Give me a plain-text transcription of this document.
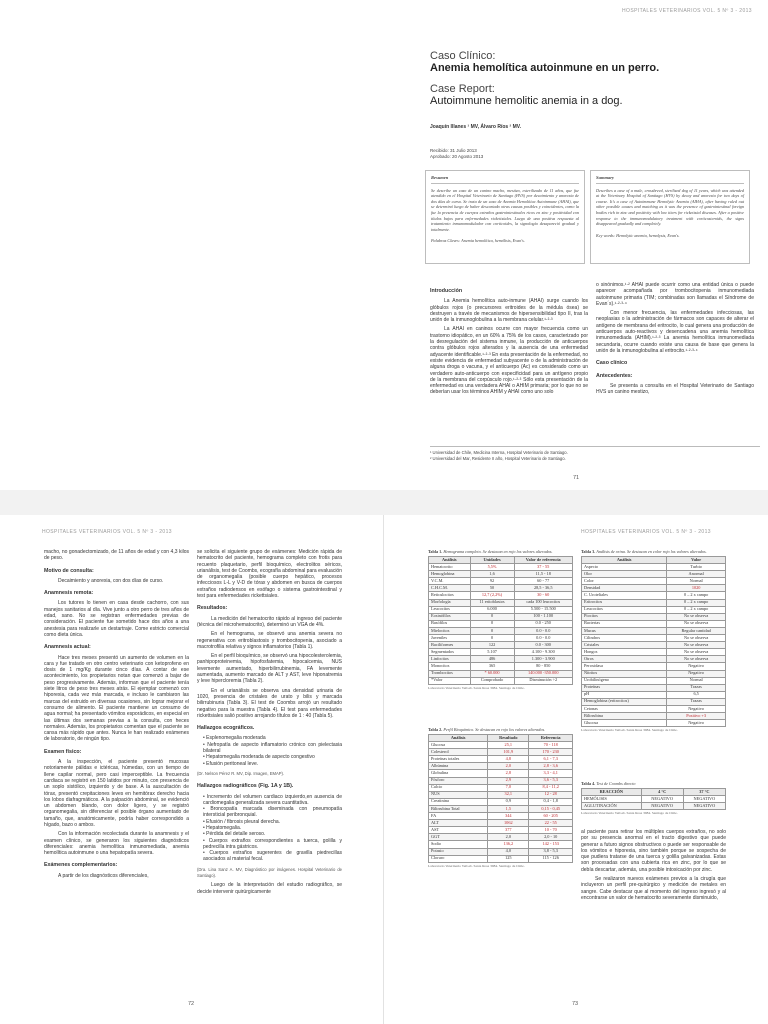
HOSPITALES VETERINARIOS VOL. 5 Nº 3 - 2013
Caso Clínico:
Anemia hemolítica autoinmune en un perro.
Case Report:
Autoimmune hemolitic anemia in a dog.
Joaquín Illanes ¹ MV, Álvaro Ríos ² MV.
Recibido: 31 Julio 2013
Aprobado: 20 Agosto 2013
Resumen
Se describe un caso de un canino macho, mestizo, esterilizado de 11 años, que fue atendido en el Hospital Veterinario de Santiago (HVS) por decaimiento y anorexia de dos días de curso. Se trata de un caso de Anemia Hemolítica Autoinmune (AHAI), que se determinó luego de haber descartado otras causas posibles y coincidentes, como la fue la presencia de cuerpos extraños gastrointestinales ricos en zinc y positividad con títulos bajos para enfermedades rickettsiales. Luego de una positiva respuesta al tratamiento inmunomodulador con corticoides, la signología desapareció gradual y totalmente.
Palabras Claves: Anemia hemolítica, hemólisis, Evan's.
Summary
Describes a case of a male, crossbreed, sterilized dog of 11 years, which was attended at the Veterinary Hospital of Santiago (HVS) by decay and anorexia for two days of course. It's a case of Autoimmune Hemolytic Anemia (AIHA), after having ruled out other possible causes and matching as it was the presence of gastrointestinal foreign bodies rich in zinc and positivity with low titers for rickettsial diseases. After a positive response to the immunomodulatory treatment with corticosteroids, the signs disappeared gradually and completely.
Key words: Hemolytic anemia, hemolysis, Evan's.
Introducción

La Anemia hemolítica auto-inmune (AHAI) surge cuando los glóbulos rojos (o precursores eritroides de la médula ósea) se destruyen a través de mecanismos de hipersensibilidad tipo II, tras la unión de la inmunoglobulina a la membrana celular.¹·²·³

La AHAI en caninos ocurre con mayor frecuencia como un trastorno idiopático, en un 60% a 75% de los casos, caracterizado por la desregulación del sistema inmune, la producción de anticuerpos contra glóbulos rojos alterados y la ausencia de una enfermedad adyacente identificable.¹·²·³ En esta presentación de la enfermedad, no existe evidencia de enfermedad subyacente o de la administración de alguna droga o vacuna, y el anticuerpo (Ac) es considerado como un verdadero auto-anticuerpo con especificidad para un antígeno propio de la membrana del corpúsculo rojo.¹·²·³ Sólo esta presentación de la enfermedad es una verdadera AHAI o AHIM primaria; por lo que no se deberían usar los términos AHIM y AHAI como uno solo

o sinónimos.¹·² AHAI puede ocurrir como una entidad única o puede aparecer acompañada por trombocitopenia inmunomediada autoinmune primaria (TIM; combinadas son llamadas el Síndrome de Evan´s).¹·²·³·⁴

Con menor frecuencia, las enfermedades infecciosas, las neoplasias o la administración de fármacos son capaces de alterar el antígeno de membrana del eritrocito, lo cual genera una producción de anticuerpos auto-reactivos y desencadena una anemia hemolítica inmunomediada (AHIM).¹·²·³ La anemia hemolítica inmunomediada secundaria, ocurre cuando existe una causa de base que genera la unión de la inmunoglobulina al eritrocito.¹·²·³·⁴

Caso clínico
Antecedentes:

Se presenta a consulta en el Hospital Veterinario de Santiago HVS un canino mestizo,

¹ Universidad de Chile, Medicina Interna, Hospital Veterinario de Santiago.
² Universidad del Mar, Residente II año, Hospital Veterinario de Santiago.
71
HOSPITALES VETERINARIOS VOL. 5 Nº 3 - 2013

macho, no gonadectomizado, de 11 años de edad y con 4,3 kilos de peso.

Motivo de consulta:

Decaimiento y anorexia, con dos días de curso.

Anamnesis remota:

Los tutores lo tienen en casa desde cachorro, con sus manejos sanitarios al día. Vive junto a otro perro de tres años de edad, sano. No se registran enfermedades previas de consideración. El paciente fue sometido hace dos años a una anestesia para realizarle un destartraje. Come estricto comercial como dieta única.

Anamnesis actual:

Hace tres meses presentó un aumento de volumen en la cara y fue tratado en otro centro veterinario con ketoprofeno en dosis de 1 mg/Kg durante cinco días. A contar de ese acontecimiento, los propietarios notan que comenzó a bajar de peso progresivamente. Además, informan que el paciente tenía siete litros de peso tres meses atrás. El ejemplar comenzó con hiporexia, cada vez más marcada, e incluso le cambiaron las marcas del estruido en diversas ocasiones, sin lograr mejorar el consumo de alimento. El paciente mantiene un consumo de agua normal; ha presentado vómitos esporádicos, en especial en las últimas dos semanas previas a la consulta, con heces normales. Además, los propietarios comentan que el paciente se cansa más rápido que antes. Nunca le han realizado exámenes de laboratorio, de ningún tipo.

Examen físico:

A la inspección, el paciente presentó mucosas notoriamente pálidas e ictéricas, húmedas, con un tiempo de llene capilar normal, pero casi imperceptible. La frecuencia cardiaca se registró en 150 latidos por minuto, con presencia de un soplo sistólico, izquierdo y de base. A la auscultación de tórax, presentó crepitaciones leves en hemitórax derecho hacia los lobos diafragmáticos. A la palpación abdominal, se evidenció un abdomen blando, con dolor ligero, y se registró organomegalia, sin diferenciar el posible órgano aumentado de tamaño, que, anatómicamente, podría haber correspondido a hígado, bazo o ambos.

Con la información recolectada durante la anamnesis y el examen clínico, se generaron los siguientes diagnósticos diferenciales: anemia hemolítica inmunomediada, anemia hemolítica autoinmune o una hepatopatía severa.

Exámenes complementarios:

A partir de los diagnósticos diferenciales,

se solicita el siguiente grupo de exámenes: Medición rápida de hematocrito del paciente, hemograma completo con frotis para recuento plaquetario, perfil bioquímico, electrolitos séricos, urianálisis, test de Coombs, ecografía abdominal para evaluación de organomegalia (posible cuerpo hepático, procesos infecciosos L-L y V-D de tórax y abdomen en busca de cuerpos extraños radiodensos en esófago o sistema gastrointestinal y test para enfermedades rickettsiales.

Resultados:

La medición del hematocrito rápido al ingreso del paciente (técnica del microhematocrito), determinó un VGA de 4%.

En el hemograma, se observó una anemia severa no regenerativa con eritroblastosis y trombocitopenia, asociado a macrotrofilia relativa y signos inflamatorios (Tabla 1).

En el perfil bioquímico, se observó una hipocolesterolemia, panhipoproteinemia, hipofosfatemia, hipocalcemia, NUS levemente aumentado, hiperbilirrubinemia, FA levemente aumentada, aumento marcado de ALT y AST, leve hiponatremia y leve hipercloremia (Tabla 2).

En el urianálisis se observa una densidad urinaria de 1020, presencia de cristales de urato y bilis y marcada bilirrubinuria (Tabla 3). El test de Coombs arrojó un resultado negativo para la muestra (Tabla 4). El test para enfermedades rickettsiales salió positivo arrojando títulos de 1 : 40 (Tabla 5).

Hallazgos ecográficos.
• Esplenomegalia moderada
• Nefropatía de aspecto inflamatorio crónico con pielectasia bilateral
• Hepatomegalia moderada de aspecto congestivo
• Efusión peritoneal leve.

(Dr. Nelson Pérez R. MV, Dip. Imagen, EMAP).

Hallazgos radiográficos (Fig. 1A y 1B).
• Incremento del volumen cardiaco izquierdo,en ausencia de cardiomegalia generalizada severa cuantitativa.
• Broncopatía marcada diseminada con pneumopatía intersticial peribronquial.
• Efusión / fibrosis pleural derecha.
• Hepatomegalia.
• Pérdida del detalle seroso.
• Cuerpos extraños correspondientes a tuerca, golilla y pedrecilla intra gástricos.
• Cuerpos extraños sugerentes de gravilla piedrecillas asociados al material fecal.

(Dra. Lina Sanz A. MV, Diagnóstico por imágenes. Hospital Veterinario de Santiago).

Luego de la interpretación del estudio radiográfico, se decide intervenir quirúrgicamente

72
HOSPITALES VETERINARIOS VOL. 5 Nº 3 - 2013
Tabla 1. Hemograma completo. Se destacan en rojo los valores alterados.
Análisis	Unidades	Valor de referencia
Hematocrito	5,5%	37 - 55
Hemoglobina	1,6	11,5 - 18
V.C.M.	92	60 - 77
C.H.C.M.	50	28,5 - 36,5
Reticulocitos	12,7 (2,2%)	30 - 60
Morfología	11 eritoblastos	cada 100 leucocitos
Leucocitos	6.000	5.500 - 15.500
Eosinófilos	0	100 - 1.100
Basófilos	0	0.0 - 250
Mielocitos	0	0.0 - 0.0
Juveniles	0	0.0 - 0.0
Baciliformes	122	0.0 - 300
Segmentados	5.107	4.100 - 9.300
Linfocitos	486	1.300 - 3.900
Monocitos	365	80 - 850
Trombocitos	* 60.000	140.000 -350.000
*Valor	Comprobado	Disminución ÷2
Laboratorio Veterinario VetLab. Santa Rosa 3984. Santiago de Chile.
Tabla 2. Perfil Bioquímico. Se destacan en rojo los valores alterados.
Análisis	Resultado	Referencia
Glucosa	25,1	70 - 118
Colesterol	101,9	170 - 230
Proteínas totales	4,8	6,1 - 7,3
Albúmina	2,0	2,8 - 3,6
Globulina	2,8	3,3 - 4,1
Fósforo	2,9	3,6 - 5,3
Calcio	7,0	8,4 - 11,2
NUS	32,1	12 - 28
Creatinina	0,9	0,4 - 1,8
Bilirrubina Total	1,5	0,15 - 0,45
FA	344	60 - 205
ALT	1062	22 - 55
AST	377	10 - 70
GGT	2,0	2,0 - 10
Sodio	136,2	142 - 153
Potasio	4,0	3,8 - 5,3
Cloruro	125	115 - 126
Laboratorio Veterinario VetLab. Santa Rosa 3984. Santiago de Chile.
Tabla 3. Análisis de orina. Se destacan en color rojo los valores alterados.
Análisis	Valor
Aspecto	Turbio
Olor	Anormal
Color	Normal
Densidad	1020
C. Uroteliales	0 – 2 x campo
Eritrocitos	0 – 2 x campo
Leucocitos	0 – 2 x campo
Piocitos	No se observa
Bacterias	No se observa
Mucus	Regular cantidad
Cilindros	No se observa
Cristales	No se observa
Hongos	No se observa
Otros	No se observa
Peroxidasa	Negativo
Nitritos	Negativo
Urobilinógeno	Normal
Proteínas	Trazas
pH	6,5
Hemoglobina (eritrocitos)	Trazas
Cetonas	Negativo
Bilirrubina	Positivo +3
Glucosa	Negativo
Laboratorio Veterinario VetLab. Santa Rosa 3984. Santiago de Chile.
Tabla 4. Test de Coombs directo
REACCIÓN	4 °C	37 °C
HEMÓLISIS	NEGATIVO	NEGATIVO
AGLUTINACIÓN	NEGATIVO	NEGATIVO
Laboratorio Veterinario VetLab. Santa Rosa 3984. Santiago de Chile.

al paciente para retirar los múltiples cuerpos extraños, no solo por su presencia anormal en el tracto digestivo que puede generar a futuro signos obstructivos o puede ser responsable de los vómitos e hiporexia, sino también porque se sospecha de que pudiera tratarse de una tuerca y golilla galvanizadas. Estas son procesadas con una cubierta rica en zinc, por lo que se debía descartar, además, una posible intoxicación por zinc.

Se realizaron nuevos exámenes previos a la cirugía que incluyeron un perfil pre-quirúrgico y medición de metales en sangre. Cabe destacar que al momento del ingreso ingresó y al encontrarse un valor de hematocrito severamente disminuido,

73
